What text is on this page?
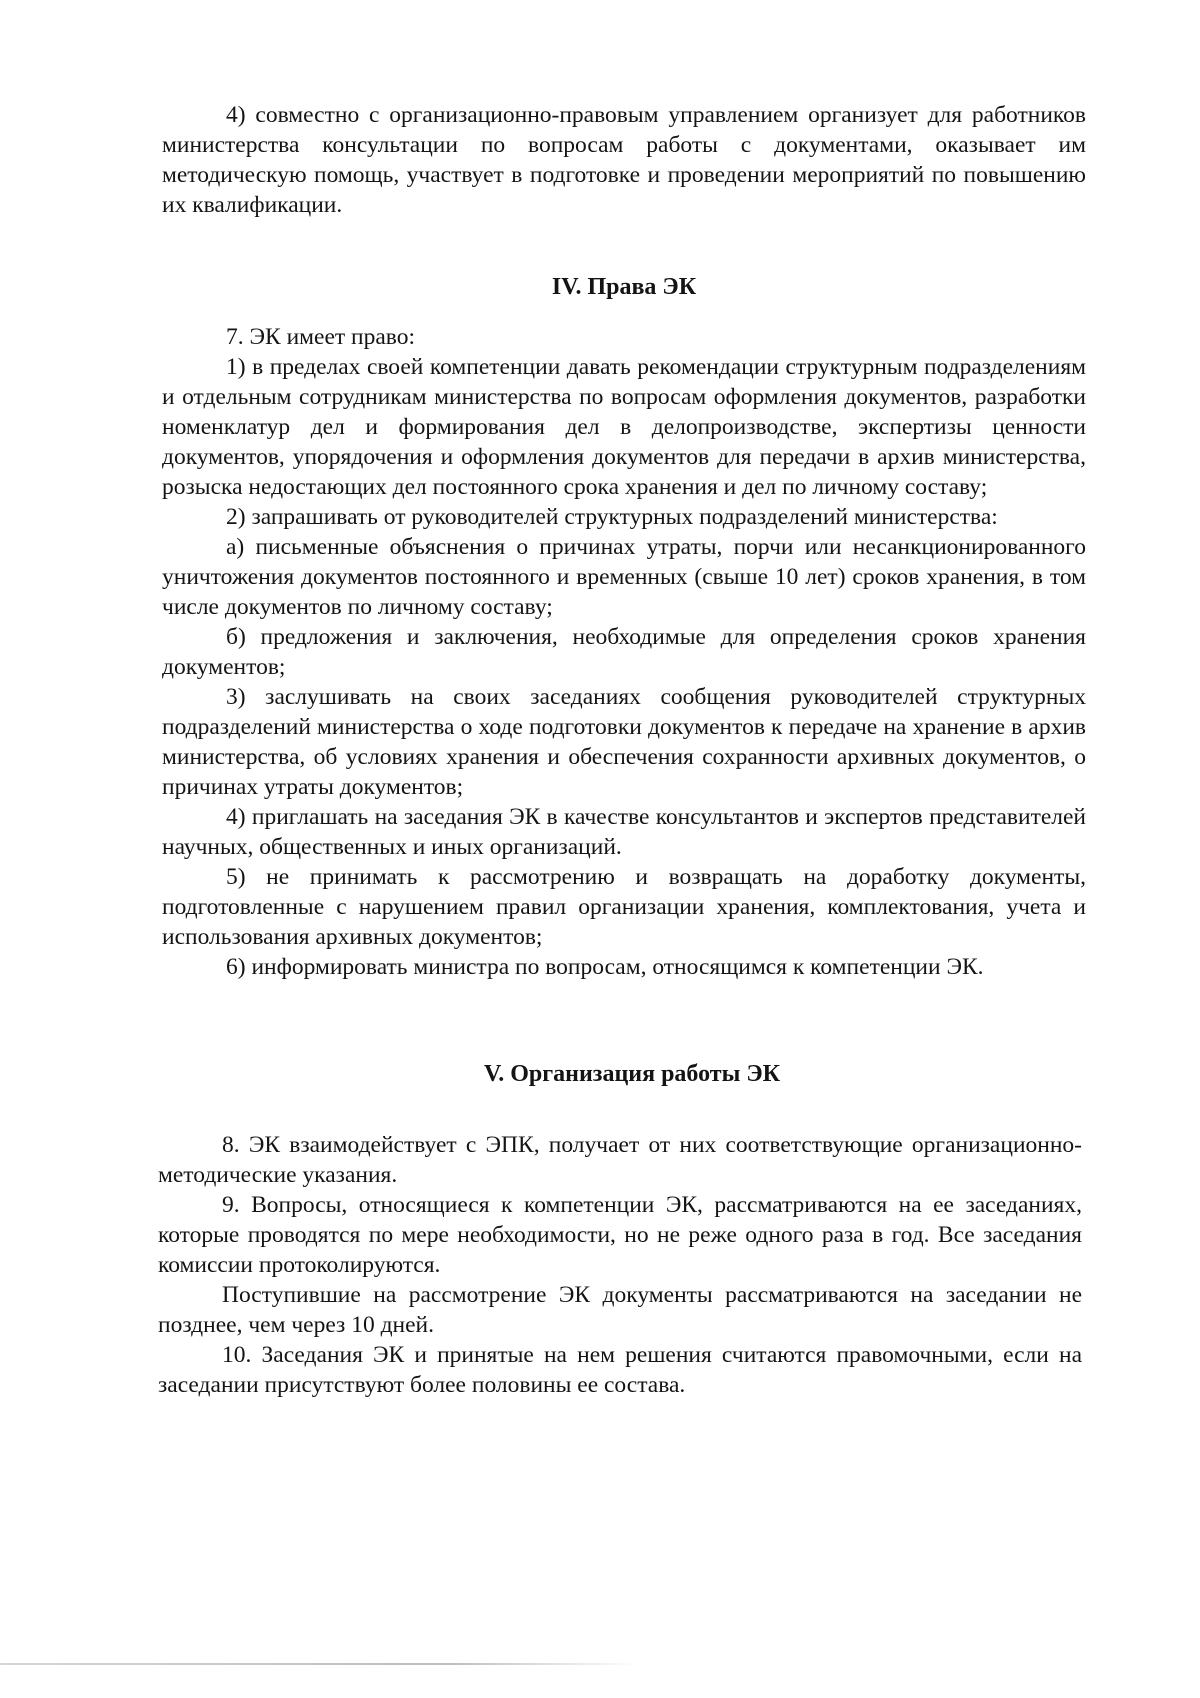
4) совместно с организационно-правовым управлением организует для работников министерства консультации по вопросам работы с документами, оказывает им методическую помощь, участвует в подготовке и проведении мероприятий по повышению их квалификации.

IV. Права ЭК

7. ЭК имеет право:

1) в пределах своей компетенции давать рекомендации структурным подразделениям и отдельным сотрудникам министерства по вопросам оформления документов, разработки номенклатур дел и формирования дел в делопроизводстве, экспертизы ценности документов, упорядочения и оформления документов для передачи в архив министерства, розыска недостающих дел постоянного срока хранения и дел по личному составу;

2) запрашивать от руководителей структурных подразделений министерства:

а) письменные объяснения о причинах утраты, порчи или несанкционированного уничтожения документов постоянного и временных (свыше 10 лет) сроков хранения, в том числе документов по личному составу;

б) предложения и заключения, необходимые для определения сроков хранения документов;

3) заслушивать на своих заседаниях сообщения руководителей структурных подразделений министерства о ходе подготовки документов к передаче на хранение в архив министерства, об условиях хранения и обеспечения сохранности архивных документов, о причинах утраты документов;

4) приглашать на заседания ЭК в качестве консультантов и экспертов представителей научных, общественных и иных организаций.

5) не принимать к рассмотрению и возвращать на доработку документы, подготовленные с нарушением правил организации хранения, комплектования, учета и использования архивных документов;

6) информировать министра по вопросам, относящимся к компетенции ЭК.

V. Организация работы ЭК

8. ЭК взаимодействует с ЭПК, получает от них соответствующие организационно-методические указания.

9. Вопросы, относящиеся к компетенции ЭК, рассматриваются на ее заседаниях, которые проводятся по мере необходимости, но не реже одного раза в год. Все заседания комиссии протоколируются.

Поступившие на рассмотрение ЭК документы рассматриваются на заседании не позднее, чем через 10 дней.

10. Заседания ЭК и принятые на нем решения считаются правомочными, если на заседании присутствуют более половины ее состава.
